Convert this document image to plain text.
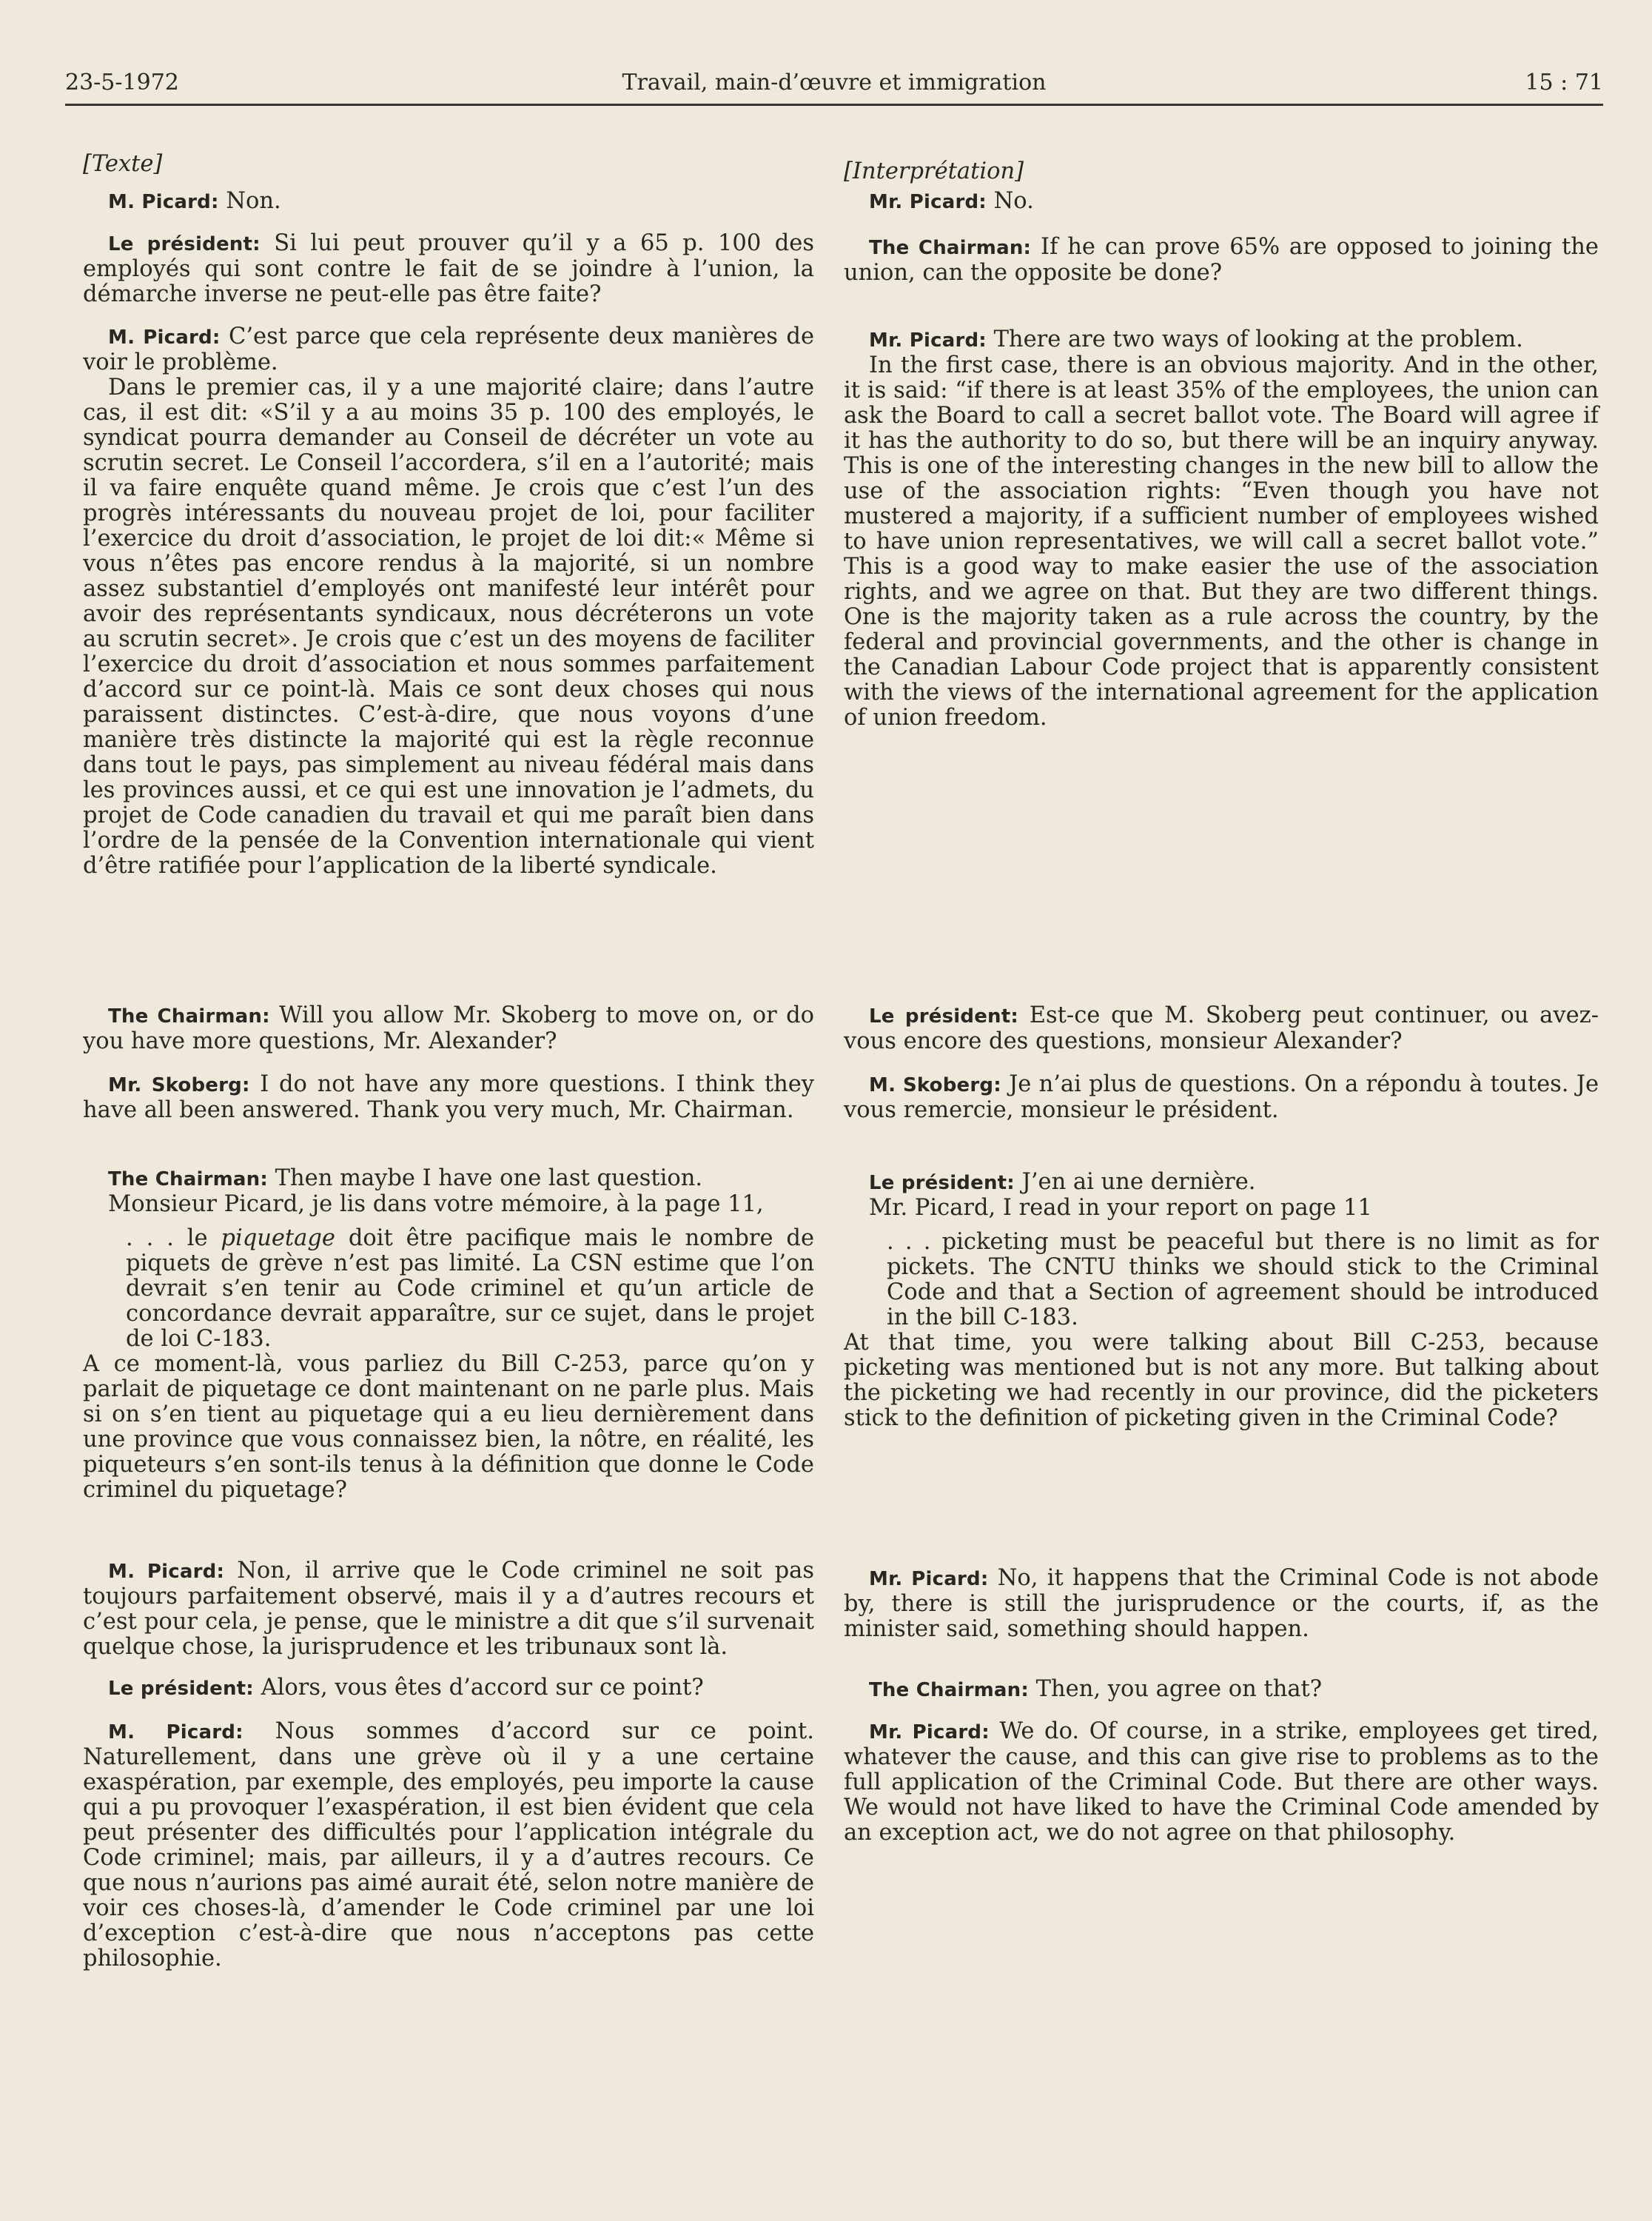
23-5-1972	Travail, main-d’œuvre et immigration	15 : 71

[Texte]

M. Picard: Non.

Le président: Si lui peut prouver qu’il y a 65 p. 100 des employés qui sont contre le fait de se joindre à l’union, la démarche inverse ne peut-elle pas être faite?

M. Picard: C’est parce que cela représente deux manières de voir le problème.

Dans le premier cas, il y a une majorité claire; dans l’autre cas, il est dit: «S’il y a au moins 35 p. 100 des employés, le syndicat pourra demander au Conseil de décréter un vote au scrutin secret. Le Conseil l’accordera, s’il en a l’autorité; mais il va faire enquête quand même. Je crois que c’est l’un des progrès intéressants du nouveau projet de loi, pour faciliter l’exercice du droit d’association, le projet de loi dit:« Même si vous n’êtes pas encore rendus à la majorité, si un nombre assez substantiel d’employés ont manifesté leur intérêt pour avoir des représentants syndicaux, nous décréterons un vote au scrutin secret». Je crois que c’est un des moyens de faciliter l’exercice du droit d’association et nous sommes parfaitement d’accord sur ce point-là. Mais ce sont deux choses qui nous paraissent distinctes. C’est-à-dire, que nous voyons d’une manière très distincte la majorité qui est la règle reconnue dans tout le pays, pas simplement au niveau fédéral mais dans les provinces aussi, et ce qui est une innovation je l’admets, du projet de Code canadien du travail et qui me paraît bien dans l’ordre de la pensée de la Convention internationale qui vient d’être ratifiée pour l’application de la liberté syndicale.

The Chairman: Will you allow Mr. Skoberg to move on, or do you have more questions, Mr. Alexander?

Mr. Skoberg: I do not have any more questions. I think they have all been answered. Thank you very much, Mr. Chairman.

The Chairman: Then maybe I have one last question.

Monsieur Picard, je lis dans votre mémoire, à la page 11,

. . . le piquetage doit être pacifique mais le nombre de piquets de grève n’est pas limité. La CSN estime que l’on devrait s’en tenir au Code criminel et qu’un article de concordance devrait apparaître, sur ce sujet, dans le projet de loi C-183.

A ce moment-là, vous parliez du Bill C-253, parce qu’on y parlait de piquetage ce dont maintenant on ne parle plus. Mais si on s’en tient au piquetage qui a eu lieu dernièrement dans une province que vous connaissez bien, la nôtre, en réalité, les piqueteurs s’en sont-ils tenus à la définition que donne le Code criminel du piquetage?

M. Picard: Non, il arrive que le Code criminel ne soit pas toujours parfaitement observé, mais il y a d’autres recours et c’est pour cela, je pense, que le ministre a dit que s’il survenait quelque chose, la jurisprudence et les tribunaux sont là.

Le président: Alors, vous êtes d’accord sur ce point?

M. Picard: Nous sommes d’accord sur ce point. Naturellement, dans une grève où il y a une certaine exaspération, par exemple, des employés, peu importe la cause qui a pu provoquer l’exaspération, il est bien évident que cela peut présenter des difficultés pour l’application intégrale du Code criminel; mais, par ailleurs, il y a d’autres recours. Ce que nous n’aurions pas aimé aurait été, selon notre manière de voir ces choses-là, d’amender le Code criminel par une loi d’exception c’est-à-dire que nous n’acceptons pas cette philosophie.

[Interprétation]

Mr. Picard: No.

The Chairman: If he can prove 65% are opposed to joining the union, can the opposite be done?

Mr. Picard: There are two ways of looking at the problem.

In the first case, there is an obvious majority. And in the other, it is said: “if there is at least 35% of the employees, the union can ask the Board to call a secret ballot vote. The Board will agree if it has the authority to do so, but there will be an inquiry anyway. This is one of the interesting changes in the new bill to allow the use of the association rights: “Even though you have not mustered a majority, if a sufficient number of employees wished to have union representatives, we will call a secret ballot vote.” This is a good way to make easier the use of the association rights, and we agree on that. But they are two different things. One is the majority taken as a rule across the country, by the federal and provincial governments, and the other is change in the Canadian Labour Code project that is apparently consistent with the views of the international agreement for the application of union freedom.

Le président: Est-ce que M. Skoberg peut continuer, ou avez-vous encore des questions, monsieur Alexander?

M. Skoberg: Je n’ai plus de questions. On a répondu à toutes. Je vous remercie, monsieur le président.

Le président: J’en ai une dernière.

Mr. Picard, I read in your report on page 11

. . . picketing must be peaceful but there is no limit as for pickets. The CNTU thinks we should stick to the Criminal Code and that a Section of agreement should be introduced in the bill C-183.

At that time, you were talking about Bill C-253, because picketing was mentioned but is not any more. But talking about the picketing we had recently in our province, did the picketers stick to the definition of picketing given in the Criminal Code?

Mr. Picard: No, it happens that the Criminal Code is not abode by, there is still the jurisprudence or the courts, if, as the minister said, something should happen.

The Chairman: Then, you agree on that?

Mr. Picard: We do. Of course, in a strike, employees get tired, whatever the cause, and this can give rise to problems as to the full application of the Criminal Code. But there are other ways. We would not have liked to have the Criminal Code amended by an exception act, we do not agree on that philosophy.
